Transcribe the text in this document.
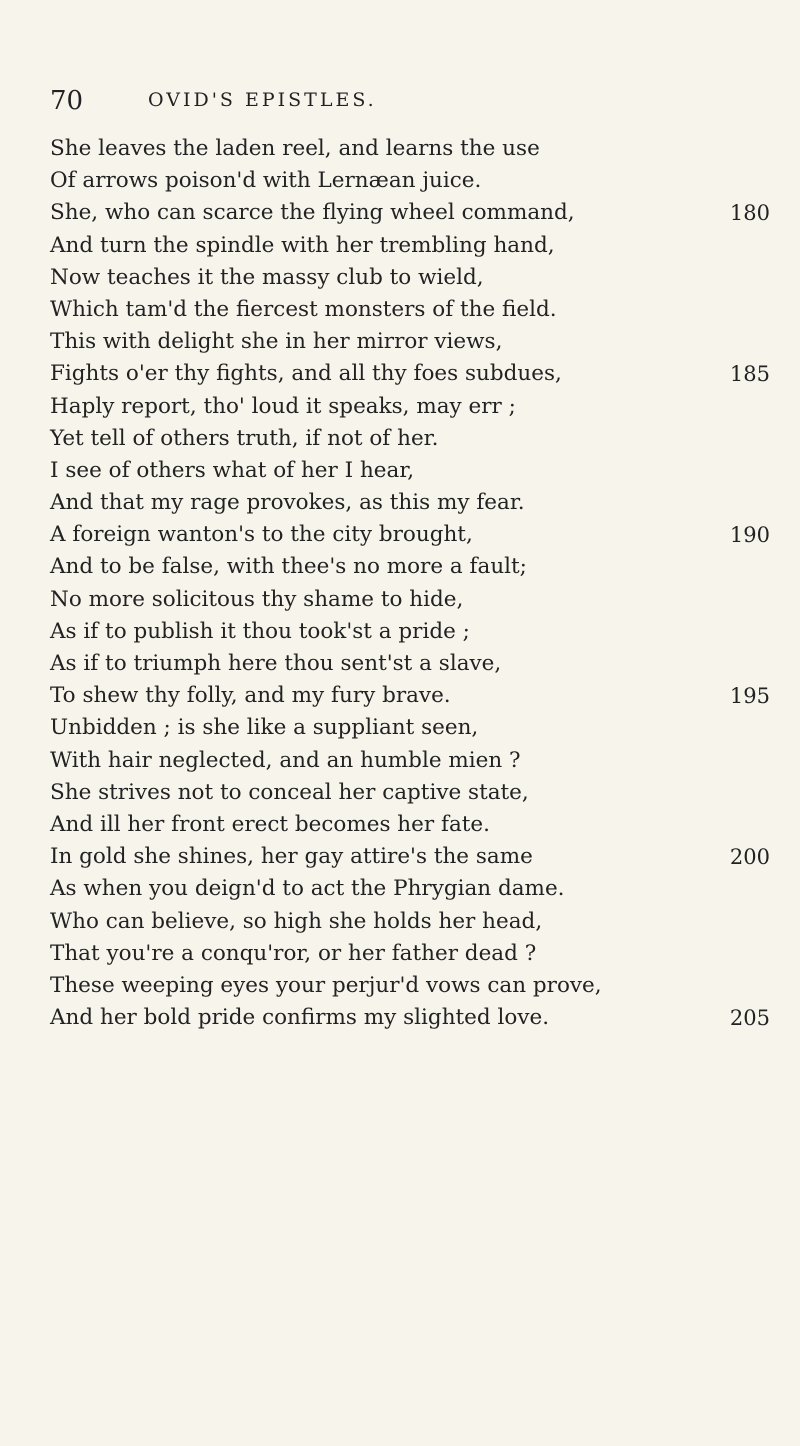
70	OVID'S EPISTLES.
She leaves the laden reel, and learns the use
Of arrows poison'd with Lernæan juice.
She, who can scarce the flying wheel command,	180
And turn the spindle with her trembling hand,
Now teaches it the massy club to wield,
Which tam'd the fiercest monsters of the field.
This with delight she in her mirror views,
Fights o'er thy fights, and all thy foes subdues,	185
Haply report, tho' loud it speaks, may err ;
Yet tell of others truth, if not of her.
I see of others what of her I hear,
And that my rage provokes, as this my fear.
A foreign wanton's to the city brought,	190
And to be false, with thee's no more a fault;
No more solicitous thy shame to hide,
As if to publish it thou took'st a pride ;
As if to triumph here thou sent'st a slave,
To shew thy folly, and my fury brave.	195
Unbidden ; is she like a suppliant seen,
With hair neglected, and an humble mien ?
She strives not to conceal her captive state,
And ill her front erect becomes her fate.
In gold she shines, her gay attire's the same	200
As when you deign'd to act the Phrygian dame.
Who can believe, so high she holds her head,
That you're a conqu'ror, or her father dead ?
These weeping eyes your perjur'd vows can prove,
And her bold pride confirms my slighted love.	205
